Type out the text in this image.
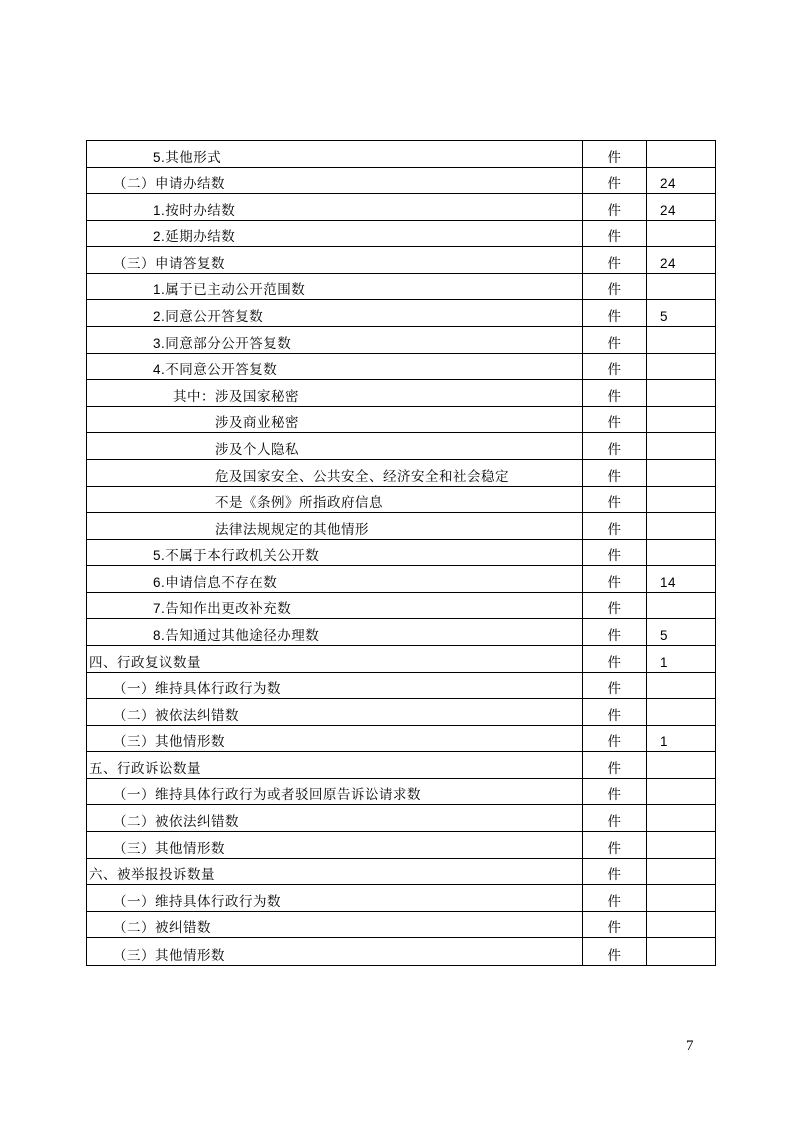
5.其他形式	件
（二）申请办结数	件	24
1.按时办结数	件	24
2.延期办结数	件
（三）申请答复数	件	24
1.属于已主动公开范围数	件
2.同意公开答复数	件	5
3.同意部分公开答复数	件
4.不同意公开答复数	件
其中：涉及国家秘密	件
涉及商业秘密	件
涉及个人隐私	件
危及国家安全、公共安全、经济安全和社会稳定	件
不是《条例》所指政府信息	件
法律法规规定的其他情形	件
5.不属于本行政机关公开数	件
6.申请信息不存在数	件	14
7.告知作出更改补充数	件
8.告知通过其他途径办理数	件	5
四、行政复议数量	件	1
（一）维持具体行政行为数	件
（二）被依法纠错数	件
（三）其他情形数	件	1
五、行政诉讼数量	件
（一）维持具体行政行为或者驳回原告诉讼请求数	件
（二）被依法纠错数	件
（三）其他情形数	件
六、被举报投诉数量	件
（一）维持具体行政行为数	件
（二）被纠错数	件
（三）其他情形数	件
7
